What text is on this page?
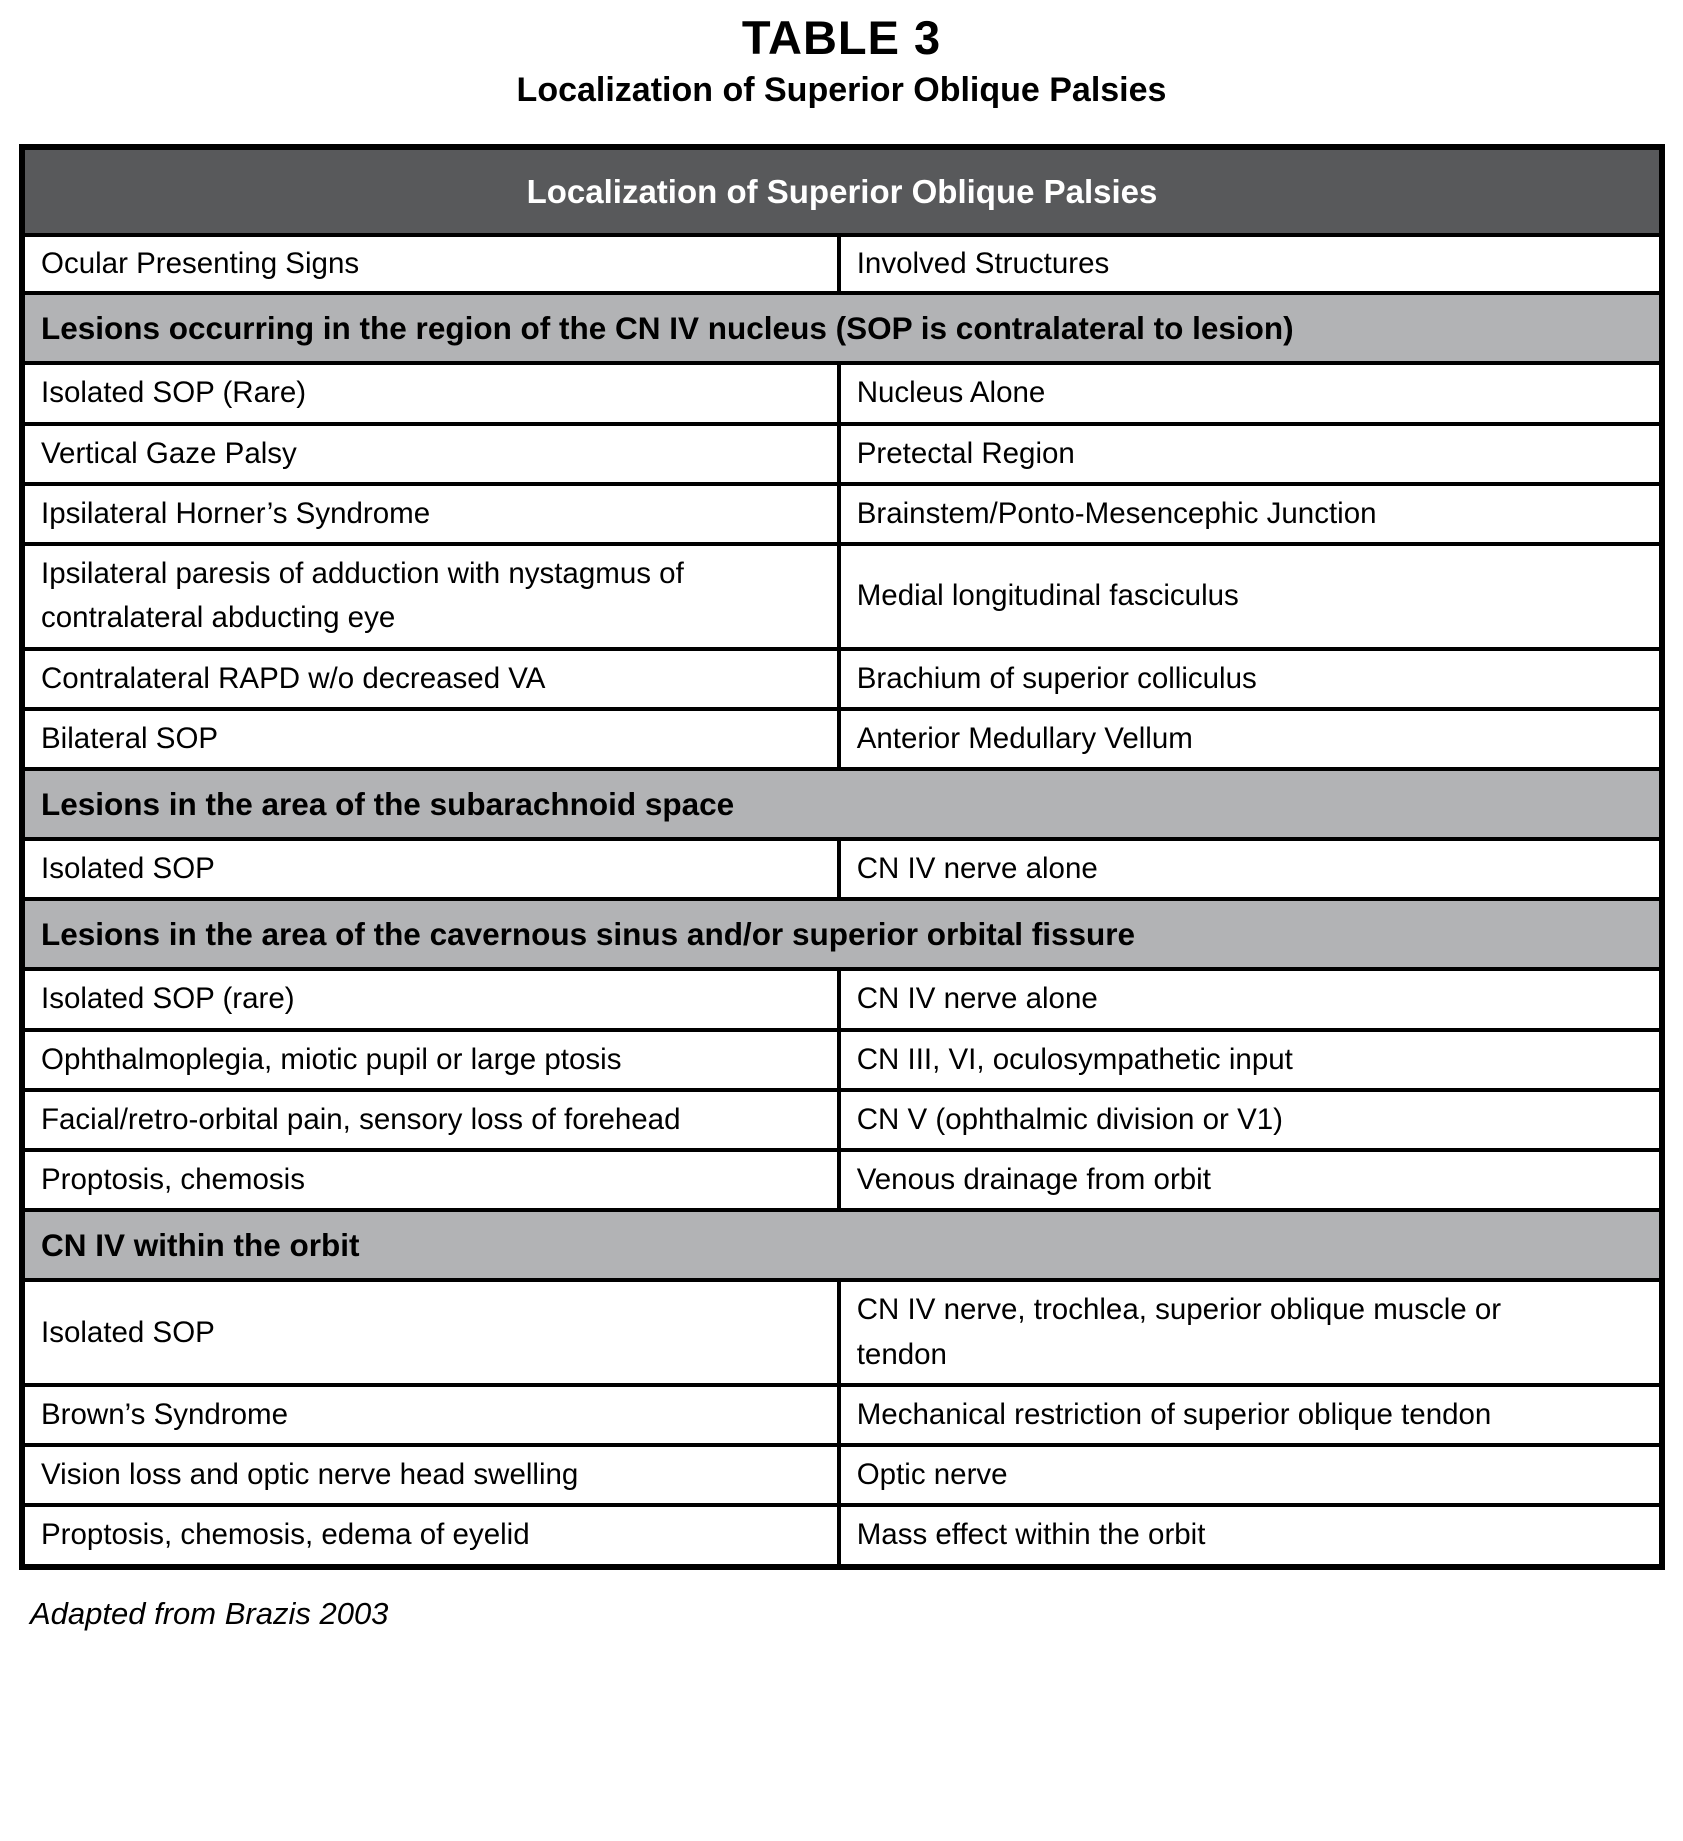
TABLE 3
Localization of Superior Oblique Palsies
Localization of Superior Oblique Palsies	

Ocular Presenting Signs	Involved Structures

Lesions occurring in the region of the CN IV nucleus (SOP is contralateral to lesion)	

Isolated SOP (Rare)	Nucleus Alone

Vertical Gaze Palsy	Pretectal Region

Ipsilateral Horner’s Syndrome	Brainstem/Ponto-Mesencephic Junction

Ipsilateral paresis of adduction with nystagmus of contralateral abducting eye	Medial longitudinal fasciculus

Contralateral RAPD w/o decreased VA	Brachium of superior colliculus

Bilateral SOP	Anterior Medullary Vellum

Lesions in the area of the subarachnoid space	

Isolated SOP	CN IV nerve alone

Lesions in the area of the cavernous sinus and/or superior orbital fissure	

Isolated SOP (rare)	CN IV nerve alone

Ophthalmoplegia, miotic pupil or large ptosis	CN III, VI, oculosympathetic input

Facial/retro-orbital pain, sensory loss of forehead	CN V (ophthalmic division or V1)

Proptosis, chemosis	Venous drainage from orbit

CN IV within the orbit	

Isolated SOP	CN IV nerve, trochlea, superior oblique muscle or tendon

Brown’s Syndrome	Mechanical restriction of superior oblique tendon

Vision loss and optic nerve head swelling	Optic nerve

Proptosis, chemosis, edema of eyelid	Mass effect within the orbit
Adapted from Brazis 2003
